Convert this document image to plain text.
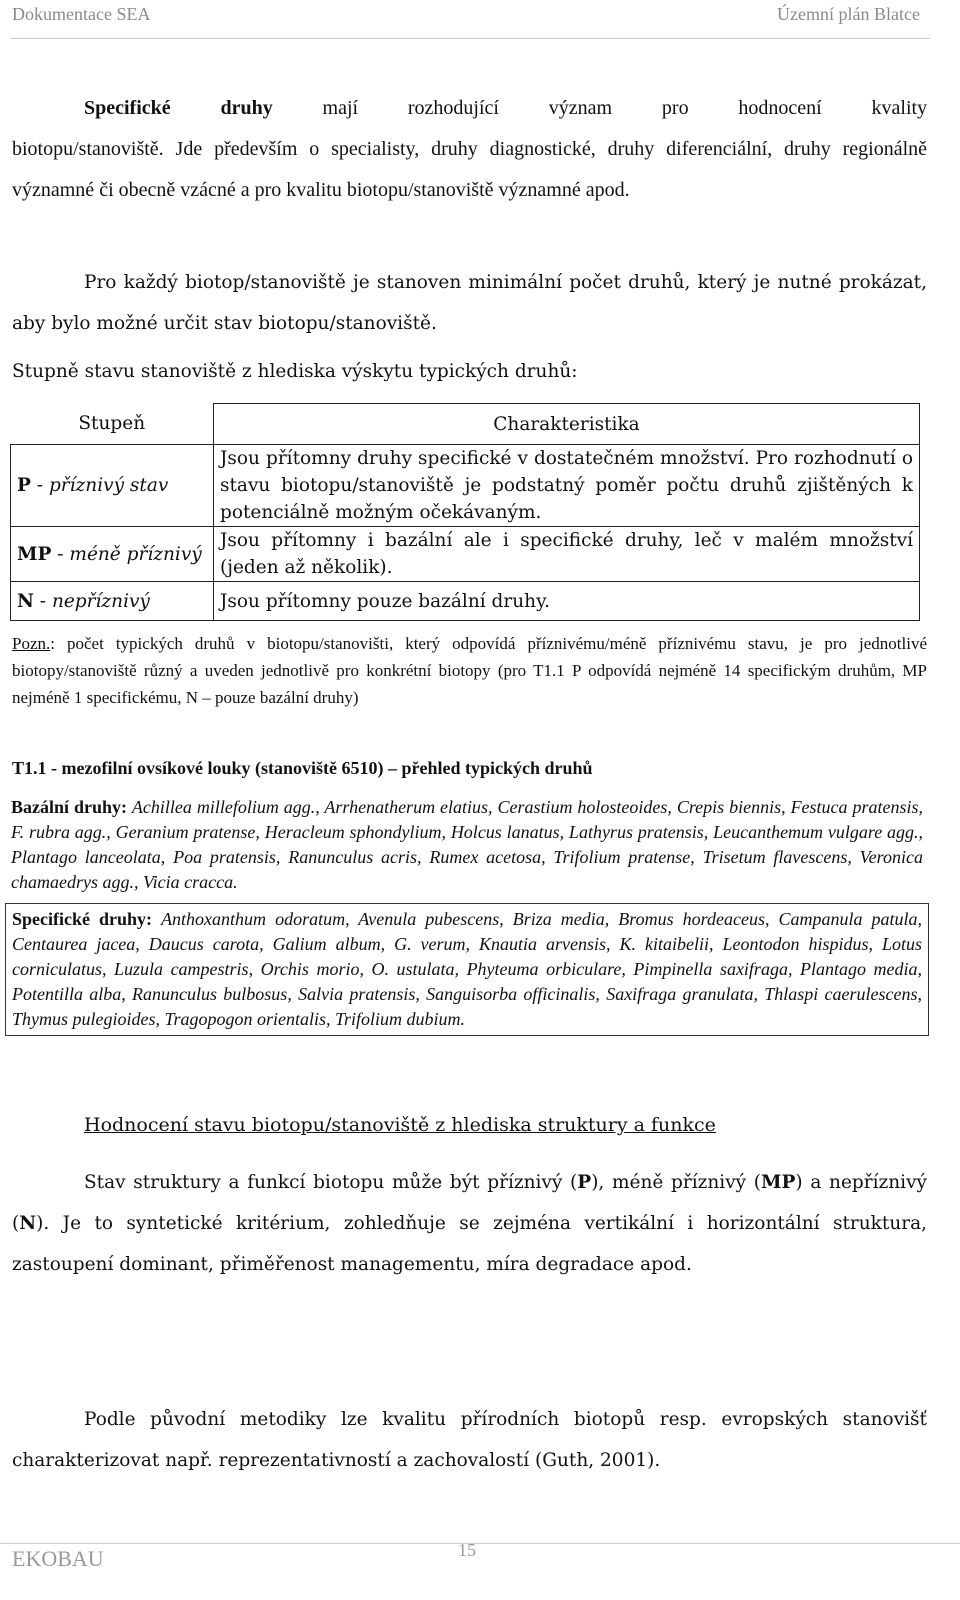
Dokumentace SEA	Územní plán Blatce
Specifické druhy mají rozhodující význam pro hodnocení kvality
biotopu/stanoviště. Jde především o specialisty, druhy diagnostické, druhy diferenciální, druhy regionálně významné či obecně vzácné a pro kvalitu biotopu/stanoviště významné apod.

Pro každý biotop/stanoviště je stanoven minimální počet druhů, který je nutné prokázat, aby bylo možné určit stav biotopu/stanoviště.

Stupně stavu stanoviště z hlediska výskytu typických druhů:

Stupeň	Charakteristika
P - příznivý stav	Jsou přítomny druhy specifické v dostatečném množství. Pro rozhodnutí o stavu biotopu/stanoviště je podstatný poměr počtu druhů zjištěných k potenciálně možným očekávaným.
MP - méně příznivý	Jsou přítomny i bazální ale i specifické druhy, leč v malém množství (jeden až několik).
N - nepříznivý	Jsou přítomny pouze bazální druhy.
Pozn.: počet typických druhů v biotopu/stanovišti, který odpovídá příznivému/méně příznivému stavu, je pro jednotlivé biotopy/stanoviště různý a uveden jednotlivě pro konkrétní biotopy (pro T1.1 P odpovídá nejméně 14 specifickým druhům, MP nejméně 1 specifickému, N – pouze bazální druhy)
T1.1 - mezofilní ovsíkové louky (stanoviště 6510) – přehled typických druhů
Bazální druhy: Achillea millefolium agg., Arrhenatherum elatius, Cerastium holosteoides, Crepis biennis, Festuca pratensis, F. rubra agg., Geranium pratense, Heracleum sphondylium, Holcus lanatus, Lathyrus pratensis, Leucanthemum vulgare agg., Plantago lanceolata, Poa pratensis, Ranunculus acris, Rumex acetosa, Trifolium pratense, Trisetum flavescens, Veronica chamaedrys agg., Vicia cracca.
Specifické druhy: Anthoxanthum odoratum, Avenula pubescens, Briza media, Bromus hordeaceus, Campanula patula, Centaurea jacea, Daucus carota, Galium album, G. verum, Knautia arvensis, K. kitaibelii, Leontodon hispidus, Lotus corniculatus, Luzula campestris, Orchis morio, O. ustulata, Phyteuma orbiculare, Pimpinella saxifraga, Plantago media, Potentilla alba, Ranunculus bulbosus, Salvia pratensis, Sanguisorba officinalis, Saxifraga granulata, Thlaspi caerulescens, Thymus pulegioides, Tragopogon orientalis, Trifolium dubium.
Hodnocení stavu biotopu/stanoviště z hlediska struktury a funkce

Stav struktury a funkcí biotopu může být příznivý (P), méně příznivý (MP) a nepříznivý (N). Je to syntetické kritérium, zohledňuje se zejména vertikální i horizontální struktura, zastoupení dominant, přiměřenost managementu, míra degradace apod.

Podle původní metodiky lze kvalitu přírodních biotopů resp. evropských stanovišť charakterizovat např. reprezentativností a zachovalostí (Guth, 2001).

EKOBAU	15
